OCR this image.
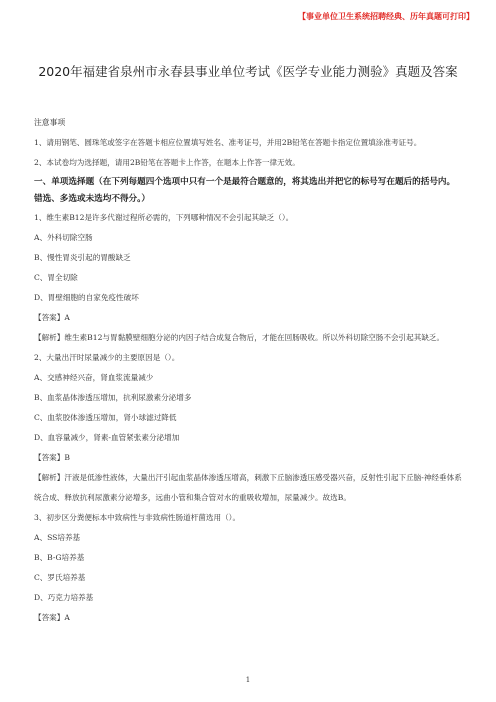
【事业单位卫生系统招聘经典、历年真题可打印】
2020年福建省泉州市永春县事业单位考试《医学专业能力测验》真题及答案
注意事项
1、请用钢笔、圆珠笔或签字在答题卡相应位置填写姓名、准考证号，并用2B铅笔在答题卡指定位置填涂准考证号。
2、本试卷均为选择题，请用2B铅笔在答题卡上作答，在题本上作答一律无效。
一、单项选择题（在下列每题四个选项中只有一个是最符合题意的，将其选出并把它的标号写在题后的括号内。错选、多选或未选均不得分。）
1、维生素B12是许多代谢过程所必需的，下列哪种情况不会引起其缺乏（）。
A、外科切除空肠
B、慢性胃炎引起的胃酸缺乏
C、胃全切除
D、胃壁细胞的自家免疫性破坏
【答案】A
【解析】维生素B12与胃黏膜壁细胞分泌的内因子结合成复合物后，才能在回肠吸收。所以外科切除空肠不会引起其缺乏。
2、大量出汗时尿量减少的主要原因是（）。
A、交感神经兴奋，肾血浆流量减少
B、血浆晶体渗透压增加，抗利尿激素分泌增多
C、血浆胶体渗透压增加，肾小球滤过降低
D、血容量减少，肾素-血管紧张素分泌增加
【答案】B
【解析】汗液是低渗性液体，大量出汗引起血浆晶体渗透压增高，刺激下丘脑渗透压感受器兴奋，反射性引起下丘脑-神经垂体系统合成、释放抗利尿激素分泌增多，远曲小管和集合管对水的重吸收增加，尿量减少。故选B。
3、初步区分粪便标本中致病性与非致病性肠道杆菌选用（）。
A、SS培养基
B、B-G培养基
C、罗氏培养基
D、巧克力培养基
【答案】A
1
